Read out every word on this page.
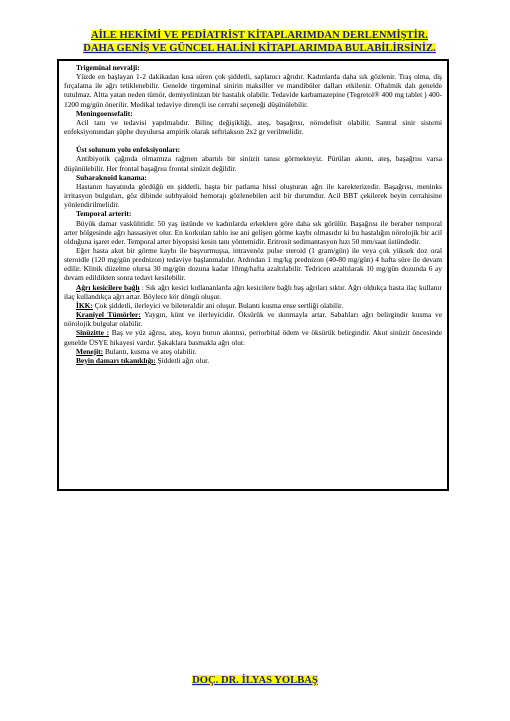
AİLE HEKİMİ VE PEDİATRİST KİTAPLARIMDAN DERLENMİŞTİR.
DAHA GENİŞ VE GÜNCEL HALİNİ KİTAPLARIMDA BULABİLİRSİNİZ.
Trigeminal nevralji:
Yüzde en başlayan 1-2 dakikadan kısa süren çok şiddetli, saplanıcı ağrıdır. Kadınlarda daha sık gözlenir. Traş olma, diş fırçalama ile ağrı tetiklenebilir. Genelde tirgeminal sinirin maksiller ve mandibüler dalları etkilenir. Oftalmik dalı genelde tutulmaz. Altta yatan neden tümör, demiyelinizan bir hastalık olabilir. Tedavide karbamazepine (Tegretol® 400 mg tablet ) 400-1200 mg/gün önerilir. Medikal tedaviye dirençli ise cerrahi seçeneği düşünülebilir.
Meningoensefalit:
Acil tanı ve tedavisi yapılmalıdır. Bilinç değişikliği, ateş, başağrısı, nörodefisit olabilir. Santral sinir sistemi enfeksiyonundan şüphe duyulursa ampirik olarak seftriakson 2x2 gr verilmelidir.
Üst solunum yolu enfeksiyonları:
Antibiyotik çağında olmamıza rağmen abartılı bir sinüzit tanısı görmekteyiz. Pürülan akıntı, ateş, başağrısı varsa düşünülebilir. Her frontal başağrısı frontal sinüzit değildir.
Subaraknoid kanama:
Hastanın hayatında gördüğü en şiddetli, başta bir patlama hissi oluşturan ağrı ile karekterizedir. Başağrısı, meninks irritasyon bulguları, göz dibinde subhyaloid hemorajı gözlenebilen acil bir durumdur. Acil BBT çekilerek beyin cerrahisine yönlendirilmelidir.
Temporal arterit:
Büyük damar vaskülitidir. 50 yaş üstünde ve kadınlarda erkeklere göre daha sık görülür. Başağrısı ile beraber temporal arter bölgesinde ağrı hassasiyet olur. En korkulan tablo ise ani gelişen görme kaybı olmasıdır ki bu hastalığın nörolojik bir acil olduğuna işaret eder. Temporal arter biyopsisi kesin tanı yöntemidir. Eritrosit sedimantasyon hızı 50 mm/saat üstündedir.
Eğer hasta akut bir görme kaybı ile başvurmuşsa, intravenöz pulse steroid (1 gram/gün) ile veya çok yüksek doz oral steroidle (120 mg/gün prednizon) tedaviye başlanmalıdır. Ardından 1 mg/kg prednizon (40-80 mg/gün) 4 hafta süre ile devam edilir. Klinik düzelme olursa 30 mg/gün dozuna kadar 10mg/hafta azaltılabilir. Tedricen azaltılarak 10 mg/gün dozunda 6 ay devam edildikten sonra tedavi kesilebilir.
Ağrı kesicilere bağlı : Sık ağrı kesici kullananlarda ağrı kesicilere bağlı baş ağrıları sıktır. Ağrı oldukça hasta ilaç kullanır ilaç kullandıkça ağrı artar. Böylece kör döngü oluşur.
İKK: Çok şiddetli, ilerleyici ve bileteraldir ani oluşur. Bulantı kusma ense sertliği olabilir.
Kraniyel Tümörler: Yaygın, künt ve ilerleyicidir. Öksürük ve ıkınmayla artar. Sabahları ağrı belirgindir kusma ve nörolojik bulgular olabilir.
Sinüzitte : Baş ve yüz ağrısı, ateş, koyu burun akıntısı, periorbital ödem ve öksürük belirgindir. Akut sinüzit öncesinde genelde ÜSYE hikayesi vardır. Şakaklara basmakla ağrı olur.
Menejit: Bulantı, kusma ve ateş olabilir.
Beyin damarı tıkanıklığı: Şiddetli ağrı olur.
DOÇ. DR. İLYAS YOLBAŞ
